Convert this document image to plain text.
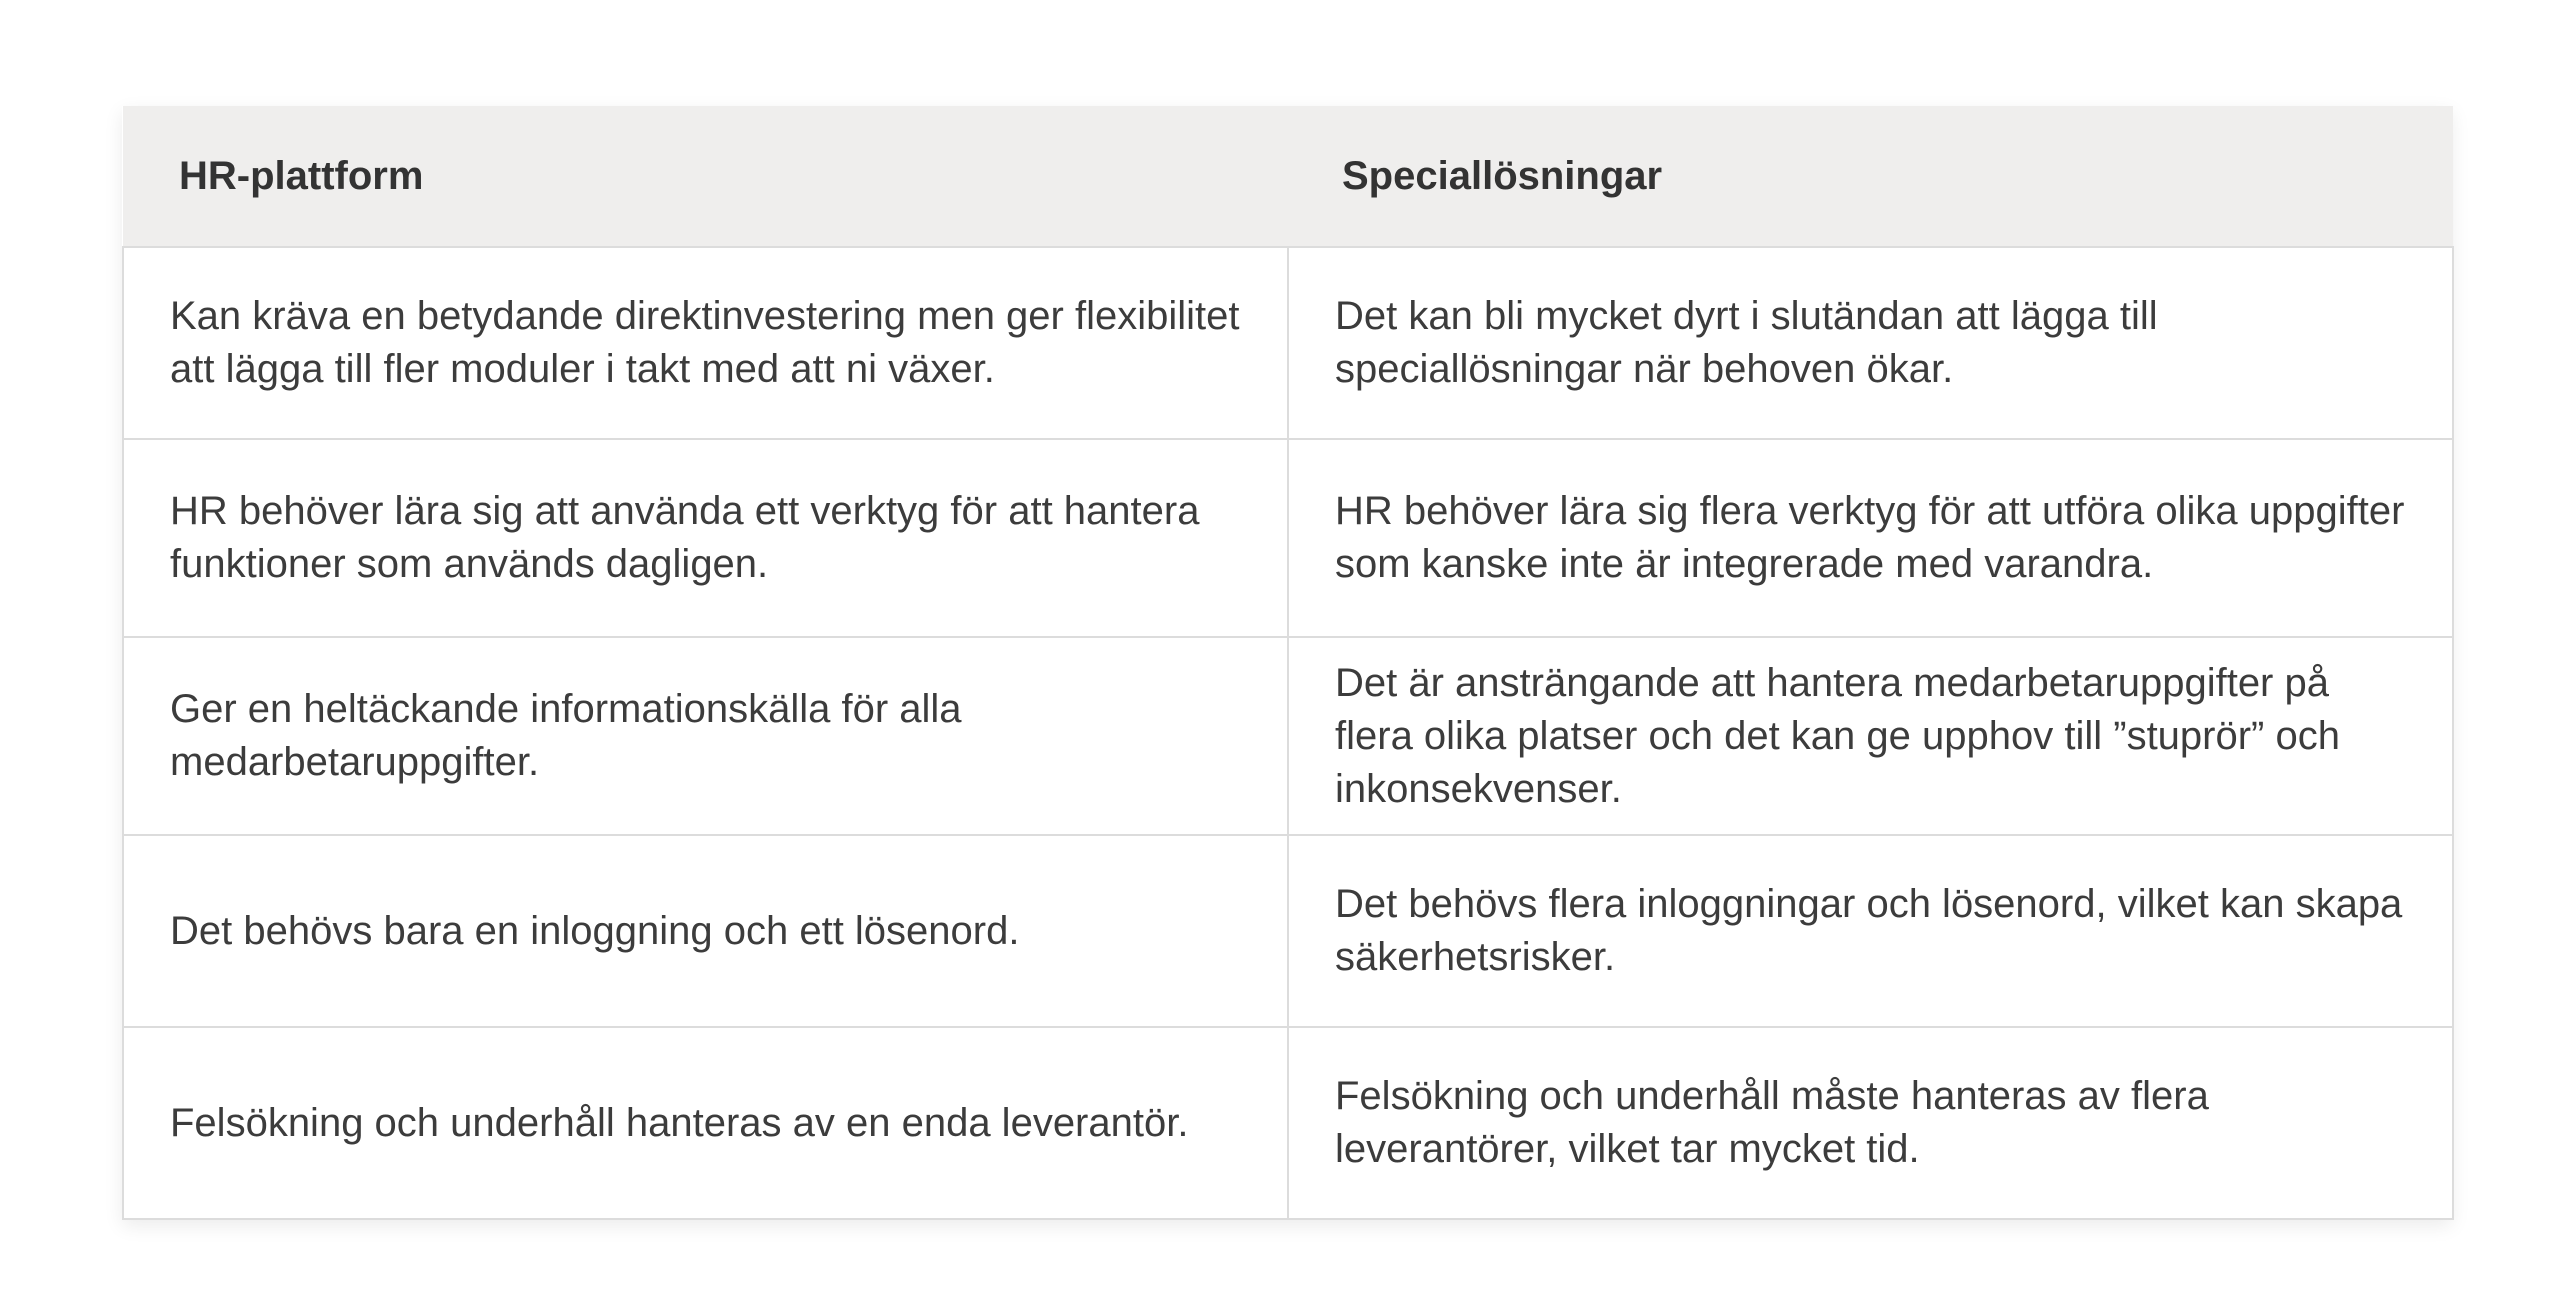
HR-plattform	Speciallösningar
Kan kräva en betydande direktinvestering men ger flexibilitet att lägga till fler moduler i takt med att ni växer.	Det kan bli mycket dyrt i slutändan att lägga till speciallösningar när behoven ökar.
HR behöver lära sig att använda ett verktyg för att hantera funktioner som används dagligen.	HR behöver lära sig flera verktyg för att utföra olika uppgifter som kanske inte är integrerade med varandra.
Ger en heltäckande informationskälla för alla medarbetaruppgifter.	Det är ansträngande att hantera medarbetaruppgifter på flera olika platser och det kan ge upphov till ”stuprör” och inkonsekvenser.
Det behövs bara en inloggning och ett lösenord.	Det behövs flera inloggningar och lösenord, vilket kan skapa säkerhetsrisker.
Felsökning och underhåll hanteras av en enda leverantör.	Felsökning och underhåll måste hanteras av flera leverantörer, vilket tar mycket tid.
